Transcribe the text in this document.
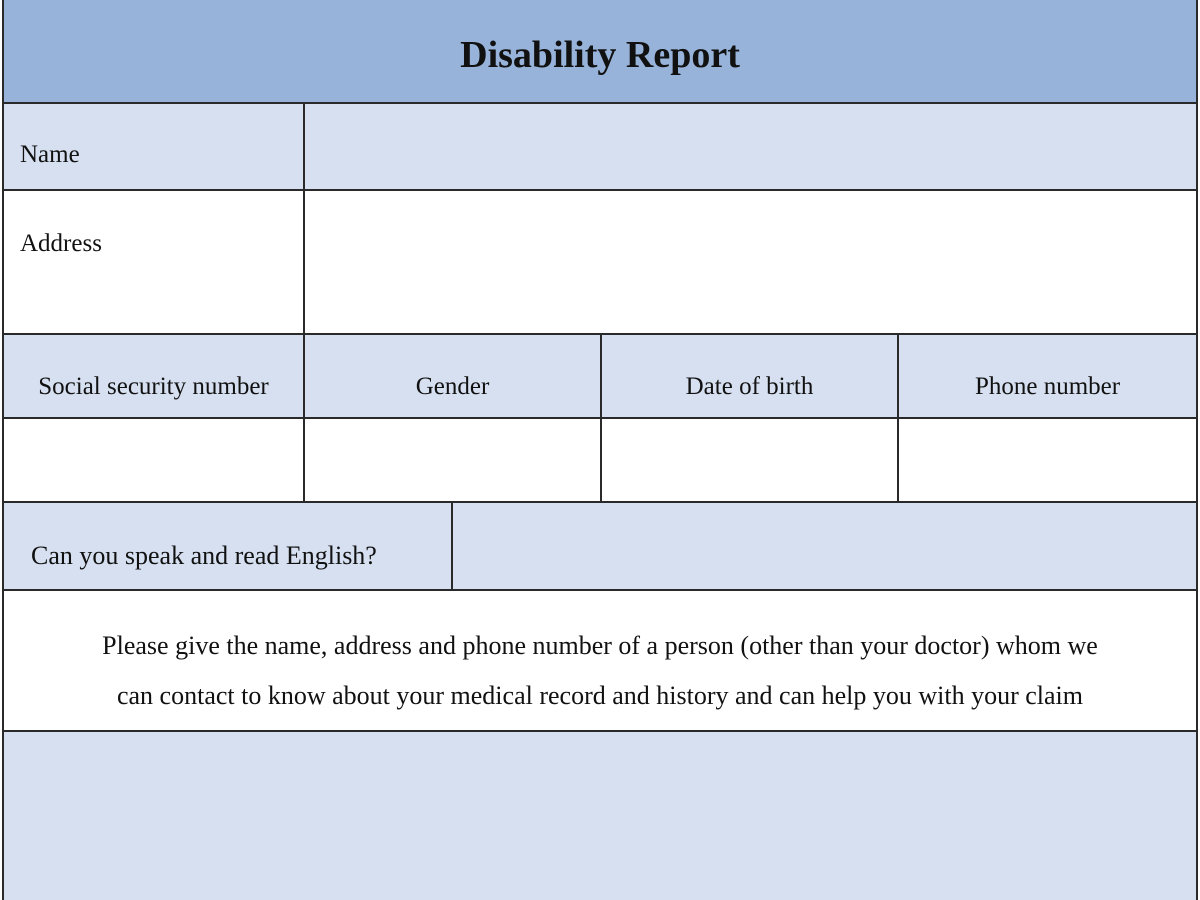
Disability Report
Name
Address
Social security number	Gender	Date of birth	Phone number
Can you speak and read English?
Please give the name, address and phone number of a person (other than your doctor) whom we
can contact to know about your medical record and history and can help you with your claim
